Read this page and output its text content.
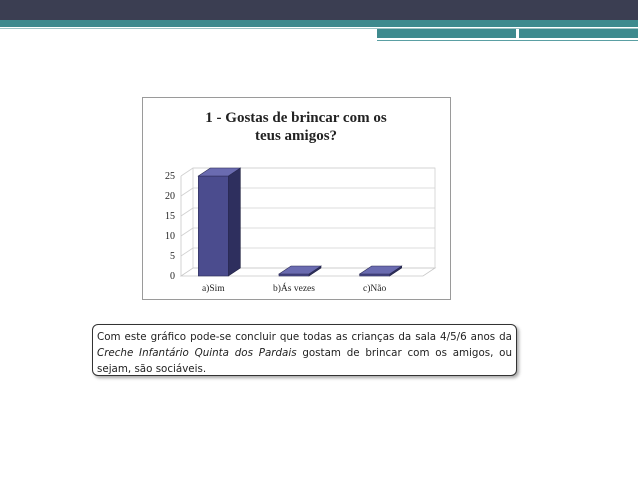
1 - Gostas de brincar com os
teus amigos?
0
5
10
15
20
25
a)Sim	b)Ás vezes	c)Não
Com este gráfico pode-se concluir que todas as crianças da sala 4/5/6 anos da Creche Infantário Quinta dos Pardais gostam de brincar com os amigos, ou sejam, são sociáveis.
